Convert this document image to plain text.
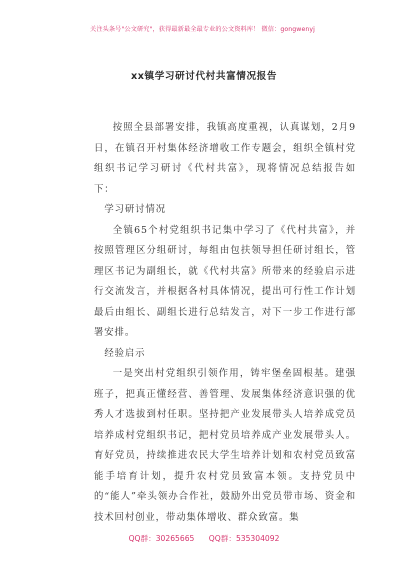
关注头条号"公文研究"，获得最新最全最专业的公文资料库！ 微信：gongwenyj
xx镇学习研讨代村共富情况报告

按照全县部署安排，我镇高度重视，认真谋划，2月9日，在镇召开村集体经济增收工作专题会，组织全镇村党组织书记学习研讨《代村共富》，现将情况总结报告如下：

学习研讨情况

全镇65个村党组织书记集中学习了《代村共富》，并按照管理区分组研讨，每组由包扶领导担任研讨组长，管理区书记为副组长，就《代村共富》所带来的经验启示进行交流发言，并根据各村具体情况，提出可行性工作计划最后由组长、副组长进行总结发言，对下一步工作进行部署安排。

经验启示

一是突出村党组织引领作用，铸牢堡垒固根基。建强班子，把真正懂经营、善管理、发展集体经济意识强的优秀人才选拔到村任职。坚持把产业发展带头人培养成党员培养成村党组织书记，把村党员培养成产业发展带头人。育好党员，持续推进农民大学生培养计划和农村党员致富能手培育计划，提升农村党员致富本领。支持党员中的“能人”牵头领办合作社，鼓励外出党员带市场、资金和技术回村创业，带动集体增收、群众致富。集

QQ群：30265665 QQ群：535304092
